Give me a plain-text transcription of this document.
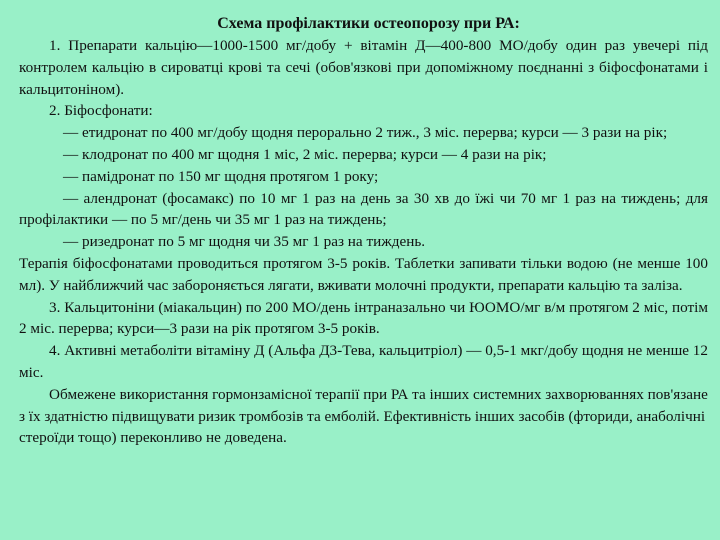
Схема профілактики остеопорозу при РА:

1. Препарати кальцію—1000-1500 мг/добу + вітамін Д—400-800 МО/добу один раз увечері під контролем кальцію в сироватці крові та сечі (обов'язкові при допоміжному поєднанні з біфосфонатами і кальцитоніном).

2. Біфосфонати:

— етидронат по 400 мг/добу щодня перорально 2 тиж., 3 міс. перерва; курси — 3 рази на рік;

— клодронат по 400 мг щодня 1 міс, 2 міс. перерва; курси — 4 рази на рік;

— памідронат по 150 мг щодня протягом 1 року;

— алендронат (фосамакс) по 10 мг 1 раз на день за 30 хв до їжі чи 70 мг 1 раз на тиждень; для профілактики — по 5 мг/день чи 35 мг 1 раз на тиждень;

— ризедронат по 5 мг щодня чи 35 мг 1 раз на тиждень.

Терапія біфосфонатами проводиться протягом 3-5 років. Таблетки запивати тільки водою (не менше 100 мл). У найближчий час забороняється лягати, вживати молочні продукти, препарати кальцію та заліза.

3. Кальцитоніни (міакальцин) по 200 МО/день інтраназально чи ЮОМО/мг в/м протягом 2 міс, потім 2 міс. перерва; курси—3 рази на рік протягом 3-5 років.

4. Активні метаболіти вітаміну Д (Альфа Д3-Тева, кальцитріол) — 0,5-1 мкг/добу щодня не менше 12 міс.

Обмежене використання гормонзамісної терапії при РА та інших системних захворюваннях пов'язане з їх здатністю підвищувати ризик тромбозів та емболій. Ефективність інших засобів (фториди, анаболічні стероїди тощо) переконливо не доведена.
